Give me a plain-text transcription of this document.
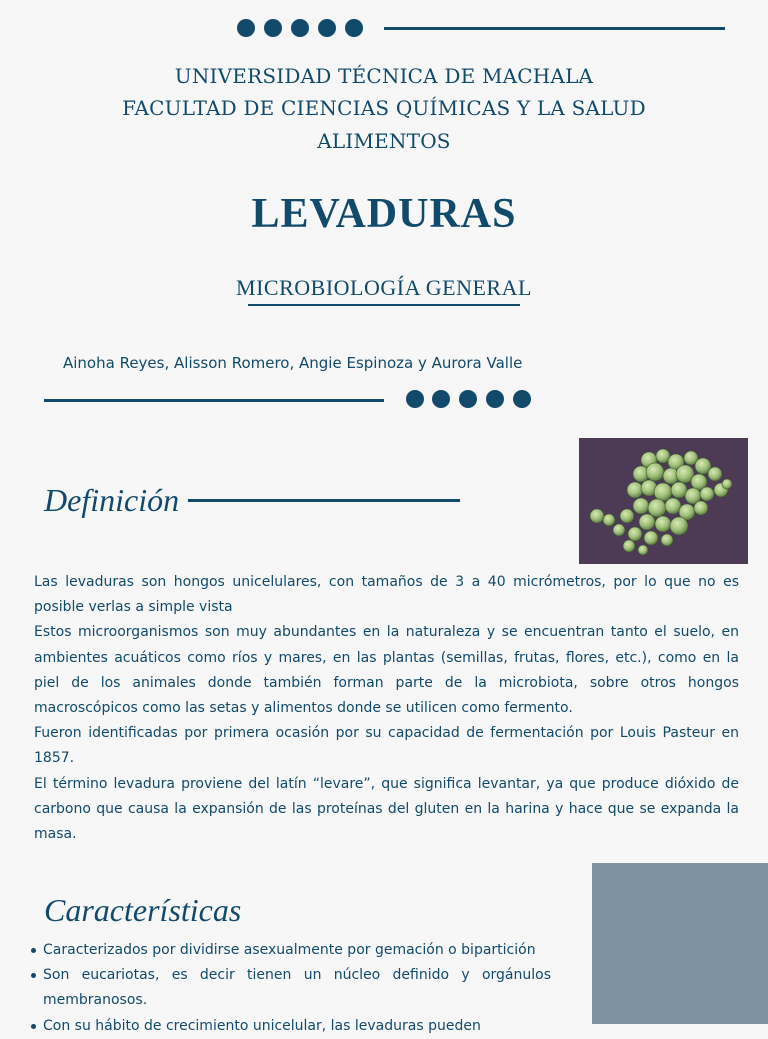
UNIVERSIDAD TÉCNICA DE MACHALA
FACULTAD DE CIENCIAS QUÍMICAS Y LA SALUD
ALIMENTOS
LEVADURAS
MICROBIOLOGÍA GENERAL
Ainoha Reyes, Alisson Romero, Angie Espinoza y Aurora Valle
Definición

Las levaduras son hongos unicelulares, con tamaños de 3 a 40 micrómetros, por lo que no es posible verlas a simple vista

Estos microorganismos son muy abundantes en la naturaleza y se encuentran tanto el suelo, en ambientes acuáticos como ríos y mares, en las plantas (semillas, frutas, flores, etc.), como en la piel de los animales donde también forman parte de la microbiota, sobre otros hongos macroscópicos como las setas y alimentos donde se utilicen como fermento.

Fueron identificadas por primera ocasión por su capacidad de fermentación por Louis Pasteur en 1857.

El término levadura proviene del latín “levare”, que significa levantar, ya que produce dióxido de carbono que causa la expansión de las proteínas del gluten en la harina y hace que se expanda la masa.

Características
Caracterizados por dividirse asexualmente por gemación o bipartición
Son eucariotas, es decir tienen un núcleo definido y orgánulos membranosos.
Con su hábito de crecimiento unicelular, las levaduras pueden
